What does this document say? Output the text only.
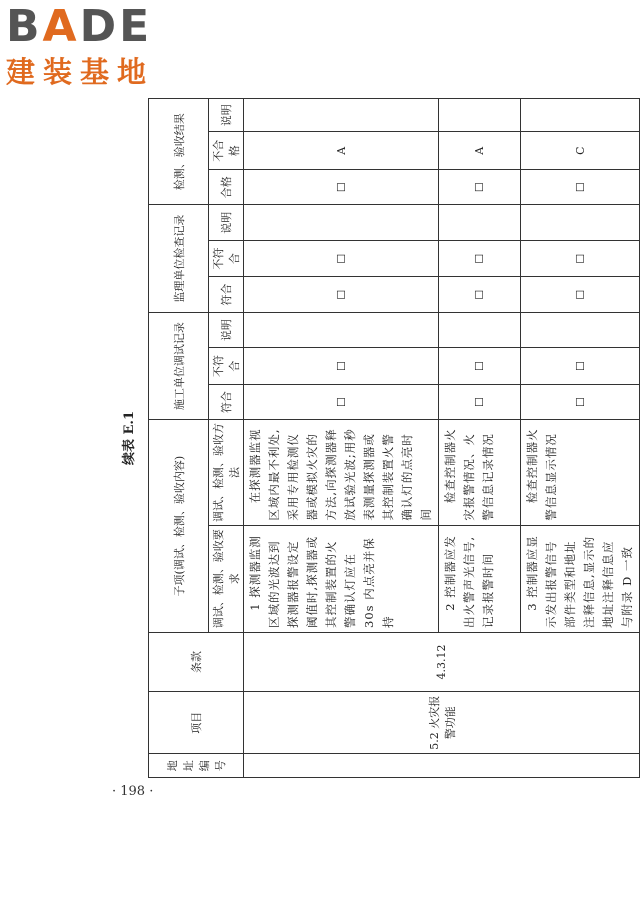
BADE
建装基地
· 198 ·
续表 E.1
地址编号	项目	条款	子项(调试、检测、验收内容)		施工单位调试记录			监理单位检查记录			检测、验收结果		

			调试、检测、验收要求	调试、检测、验收方法	符合	不符合	说明	符合	不符合	说明	合格	不合格	说明
	5.2 火灾报警功能	4.3.12	1 探测器监测区域的光波达到探测器报警设定阈值时,探测器或其控制装置的火警确认灯应在 30s 内点亮并保持	在探测器监视区域内最不利处,采用专用检测仪器或模拟火灾的方法,向探测器释放试验光波;用秒表测量探测器或其控制装置火警确认灯的点亮时间	☐	☐		☐	☐		☐	A	
			2 控制器应发出火警声光信号,记录报警时间	检查控制器火灾报警情况、火警信息记录情况	☐	☐		☐	☐		☐	A	
			3 控制器应显示发出报警信号部件类型和地址注释信息,显示的地址注释信息应与附录 D 一致	检查控制器火警信息显示情况	☐	☐		☐	☐		☐	C	
